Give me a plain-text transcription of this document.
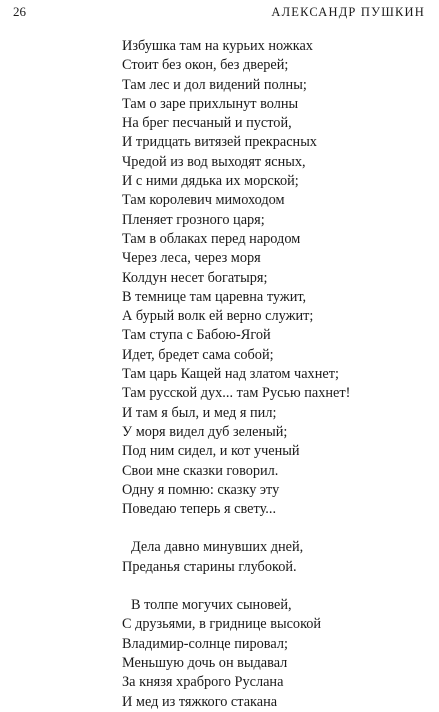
26	АЛЕКСАНДР ПУШКИН
Избушка там на курьих ножках
Стоит без окон, без дверей;
Там лес и дол видений полны;
Там о заре прихлынут волны
На брег песчаный и пустой,
И тридцать витязей прекрасных
Чредой из вод выходят ясных,
И с ними дядька их морской;
Там королевич мимоходом
Пленяет грозного царя;
Там в облаках перед народом
Через леса, через моря
Колдун несет богатыря;
В темнице там царевна тужит,
А бурый волк ей верно служит;
Там ступа с Бабою-Ягой
Идет, бредет сама собой;
Там царь Кащей над златом чахнет;
Там русской дух... там Русью пахнет!
И там я был, и мед я пил;
У моря видел дуб зеленый;
Под ним сидел, и кот ученый
Свои мне сказки говорил.
Одну я помню: сказку эту
Поведаю теперь я свету...
Дела давно минувших дней,
Преданья старины глубокой.
В толпе могучих сыновей,
С друзьями, в гриднице высокой
Владимир-солнце пировал;
Меньшую дочь он выдавал
За князя храброго Руслана
И мед из тяжкого стакана
